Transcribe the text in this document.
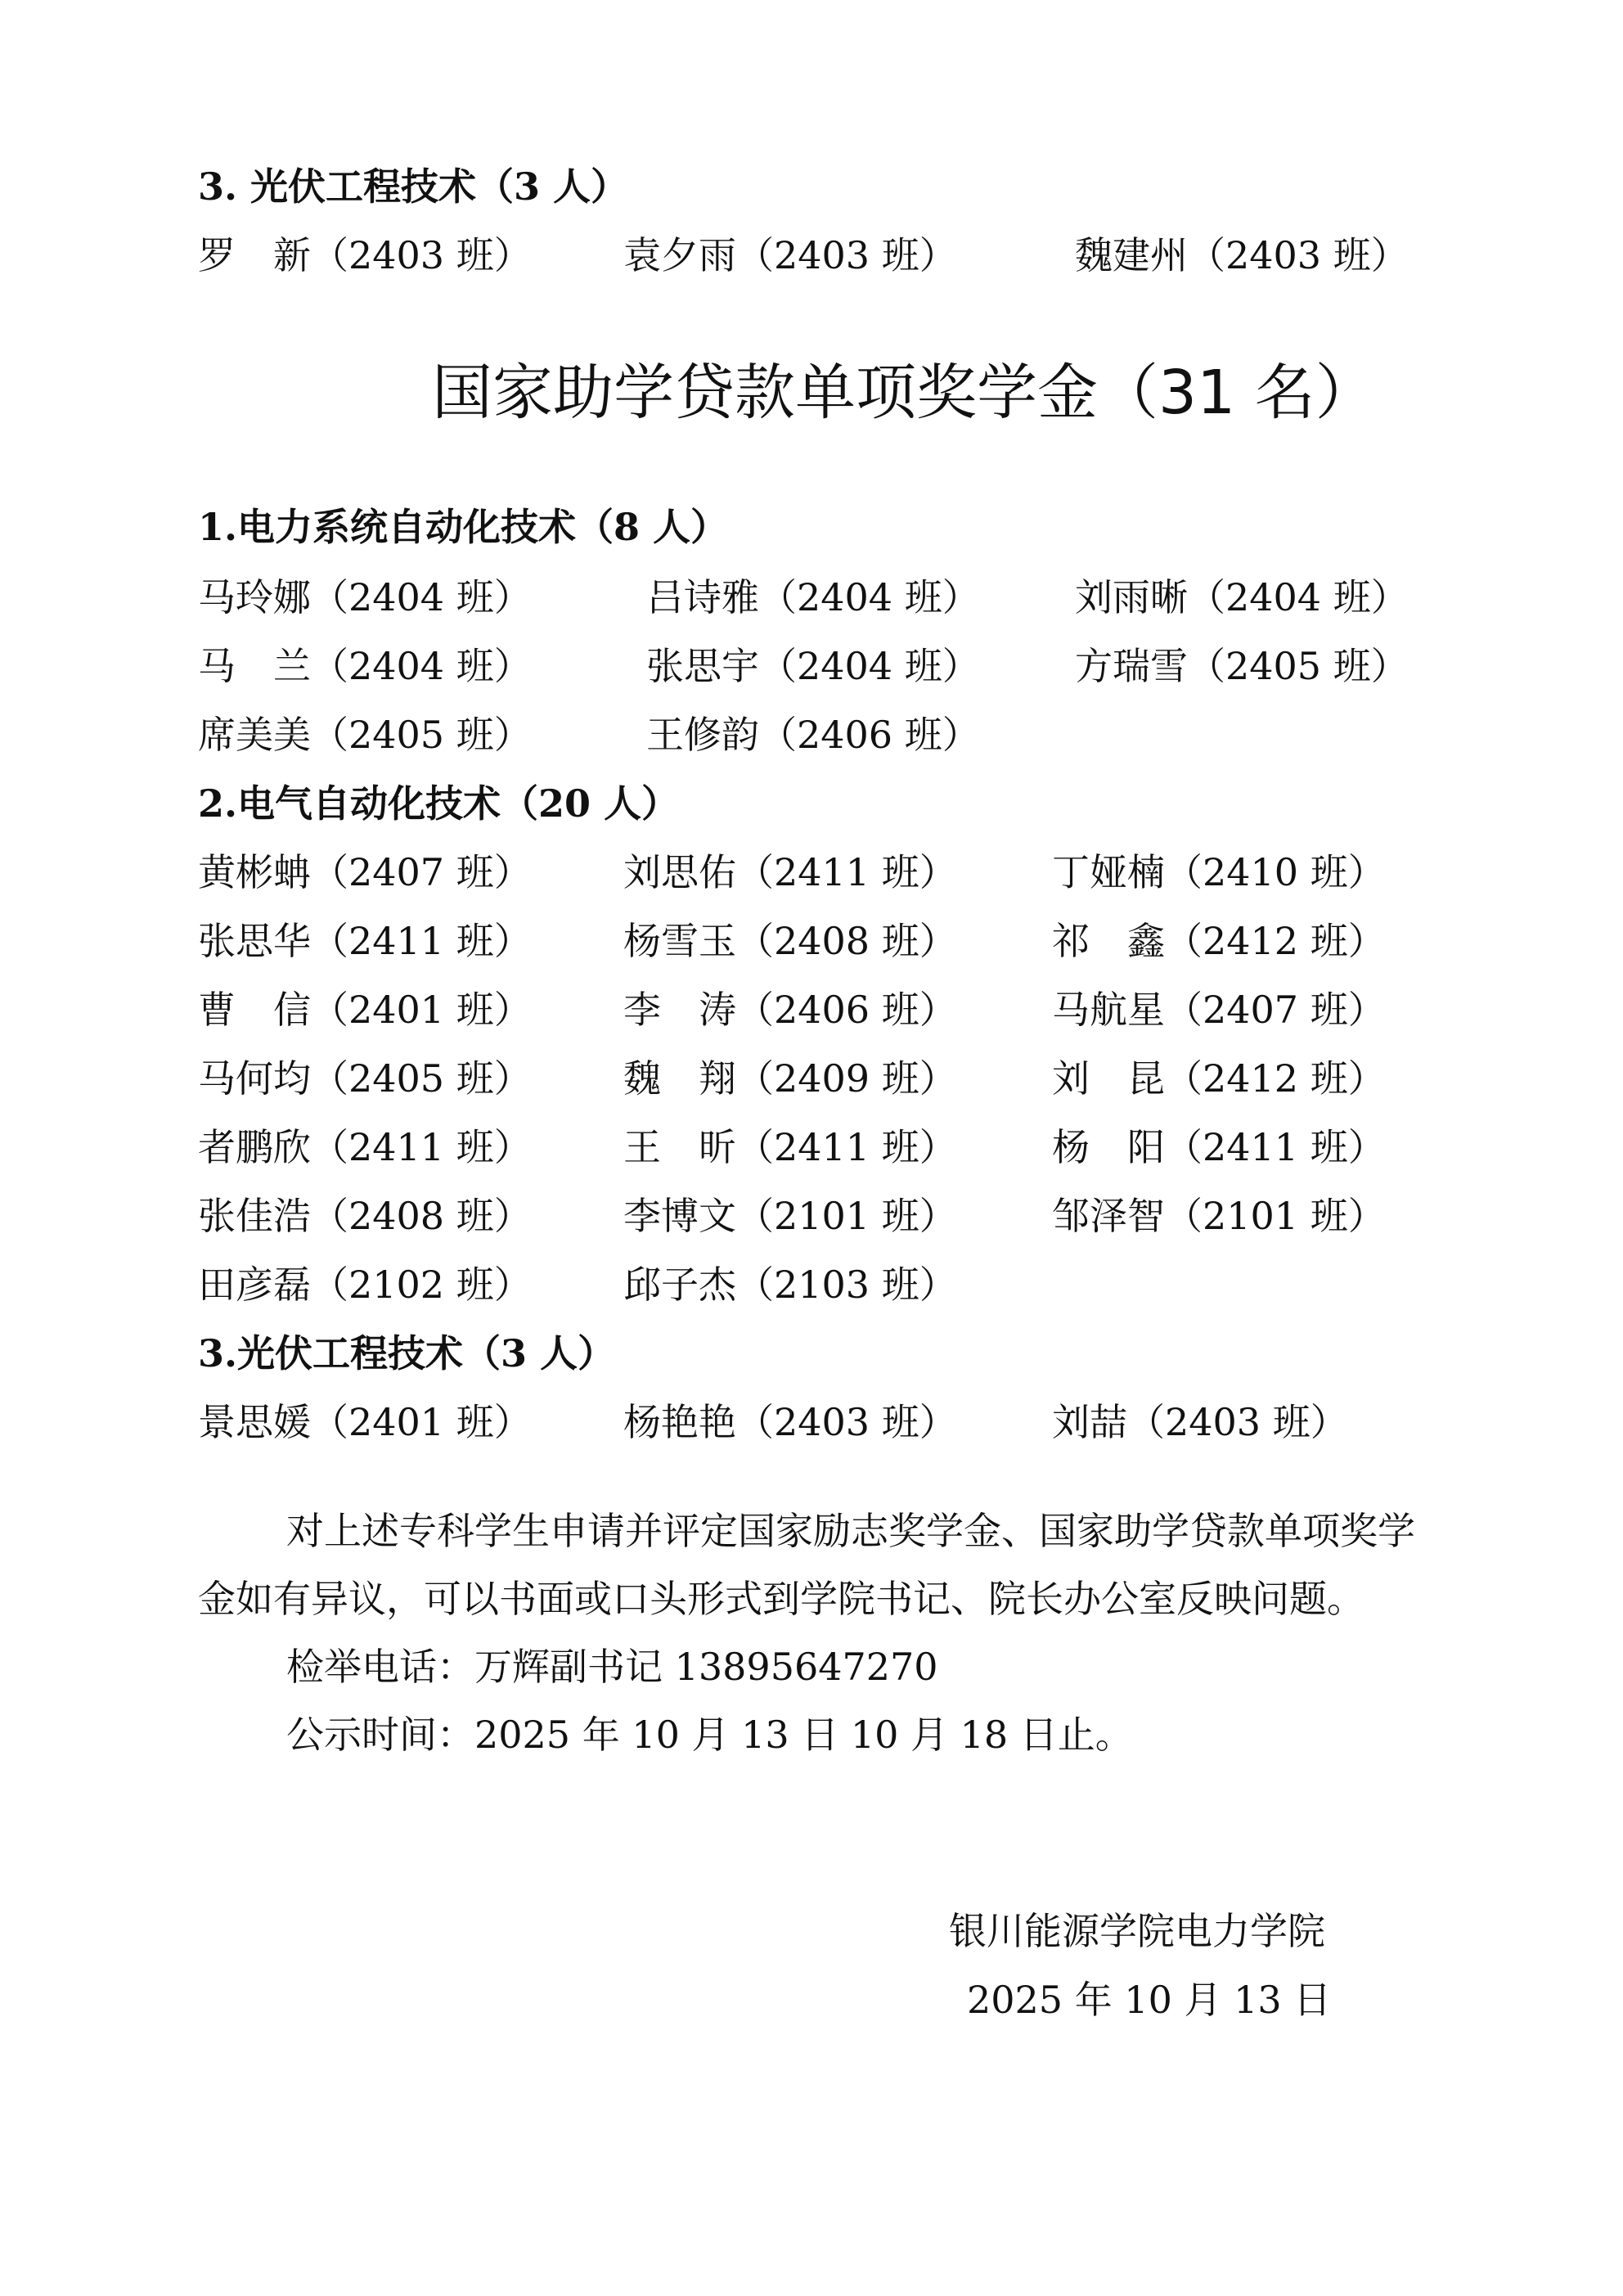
3. 光伏工程技术（3 人）
罗　新（2403 班） 袁夕雨（2403 班）	魏建州（2403 班）
国家助学贷款单项奖学金（31 名）
1.电力系统自动化技术（8 人）
马玲娜（2404 班）	吕诗雅（2404 班）	刘雨晰（2404 班）
马　兰（2404 班）	张思宇（2404 班）	方瑞雪（2405 班）
席美美（2405 班）	王修韵（2406 班）
2.电气自动化技术（20 人）
黄彬蚺（2407 班） 刘思佑（2411 班）	丁娅楠（2410 班）
张思华（2411 班） 杨雪玉（2408 班）	祁　鑫（2412 班）
曹　信（2401 班） 李　涛（2406 班）	马航星（2407 班）
马何均（2405 班） 魏　翔（2409 班）	刘　昆（2412 班）
者鹏欣（2411 班） 王　昕（2411 班）	杨　阳（2411 班）
张佳浩（2408 班） 李博文（2101 班）	邹泽智（2101 班）
田彦磊（2102 班） 邱子杰（2103 班）
3.光伏工程技术（3 人）
景思媛（2401 班） 杨艳艳（2403 班）	刘喆（2403 班）

对上述专科学生申请并评定国家励志奖学金、国家助学贷款单项奖学金如有异议，可以书面或口头形式到学院书记、院长办公室反映问题。

检举电话：万辉副书记 13895647270

公示时间：2025 年 10 月 13 日 10 月 18 日止。

银川能源学院电力学院
2025 年 10 月 13 日
